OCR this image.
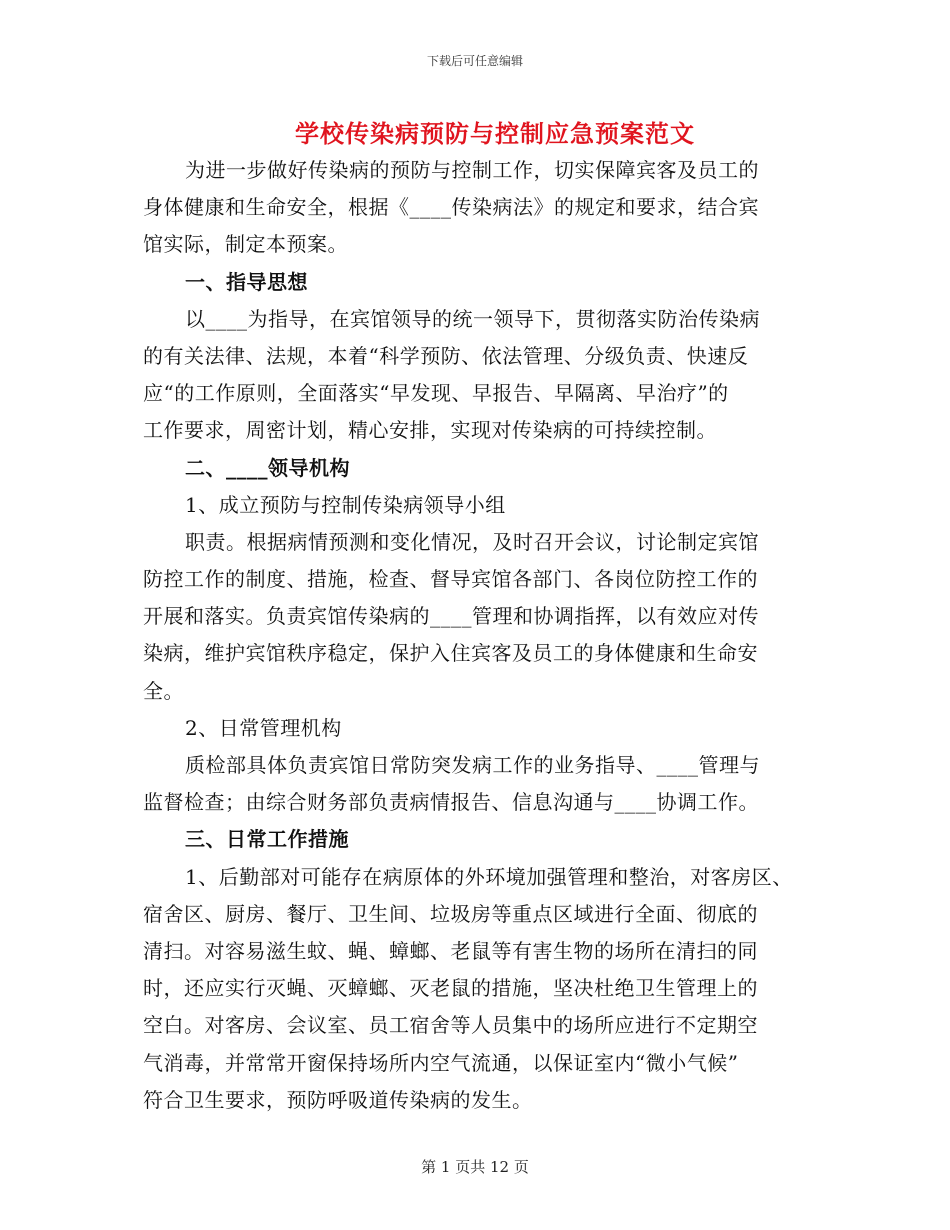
下载后可任意编辑
学校传染病预防与控制应急预案范文
为进一步做好传染病的预防与控制工作，切实保障宾客及员工的
身体健康和生命安全，根据《____传染病法》的规定和要求，结合宾
馆实际，制定本预案。
一、指导思想
以____为指导，在宾馆领导的统一领导下，贯彻落实防治传染病
的有关法律、法规，本着“科学预防、依法管理、分级负责、快速反
应“的工作原则，全面落实“早发现、早报告、早隔离、早治疗”的
工作要求，周密计划，精心安排，实现对传染病的可持续控制。
二、____领导机构
1、成立预防与控制传染病领导小组
职责。根据病情预测和变化情况，及时召开会议，讨论制定宾馆
防控工作的制度、措施，检查、督导宾馆各部门、各岗位防控工作的
开展和落实。负责宾馆传染病的____管理和协调指挥，以有效应对传
染病，维护宾馆秩序稳定，保护入住宾客及员工的身体健康和生命安
全。
2、日常管理机构
质检部具体负责宾馆日常防突发病工作的业务指导、____管理与
监督检查；由综合财务部负责病情报告、信息沟通与____协调工作。
三、日常工作措施
1、后勤部对可能存在病原体的外环境加强管理和整治，对客房区、
宿舍区、厨房、餐厅、卫生间、垃圾房等重点区域进行全面、彻底的
清扫。对容易滋生蚊、蝇、蟑螂、老鼠等有害生物的场所在清扫的同
时，还应实行灭蝇、灭蟑螂、灭老鼠的措施，坚决杜绝卫生管理上的
空白。对客房、会议室、员工宿舍等人员集中的场所应进行不定期空
气消毒，并常常开窗保持场所内空气流通，以保证室内“微小气候”
符合卫生要求，预防呼吸道传染病的发生。
第 1 页共 12 页
